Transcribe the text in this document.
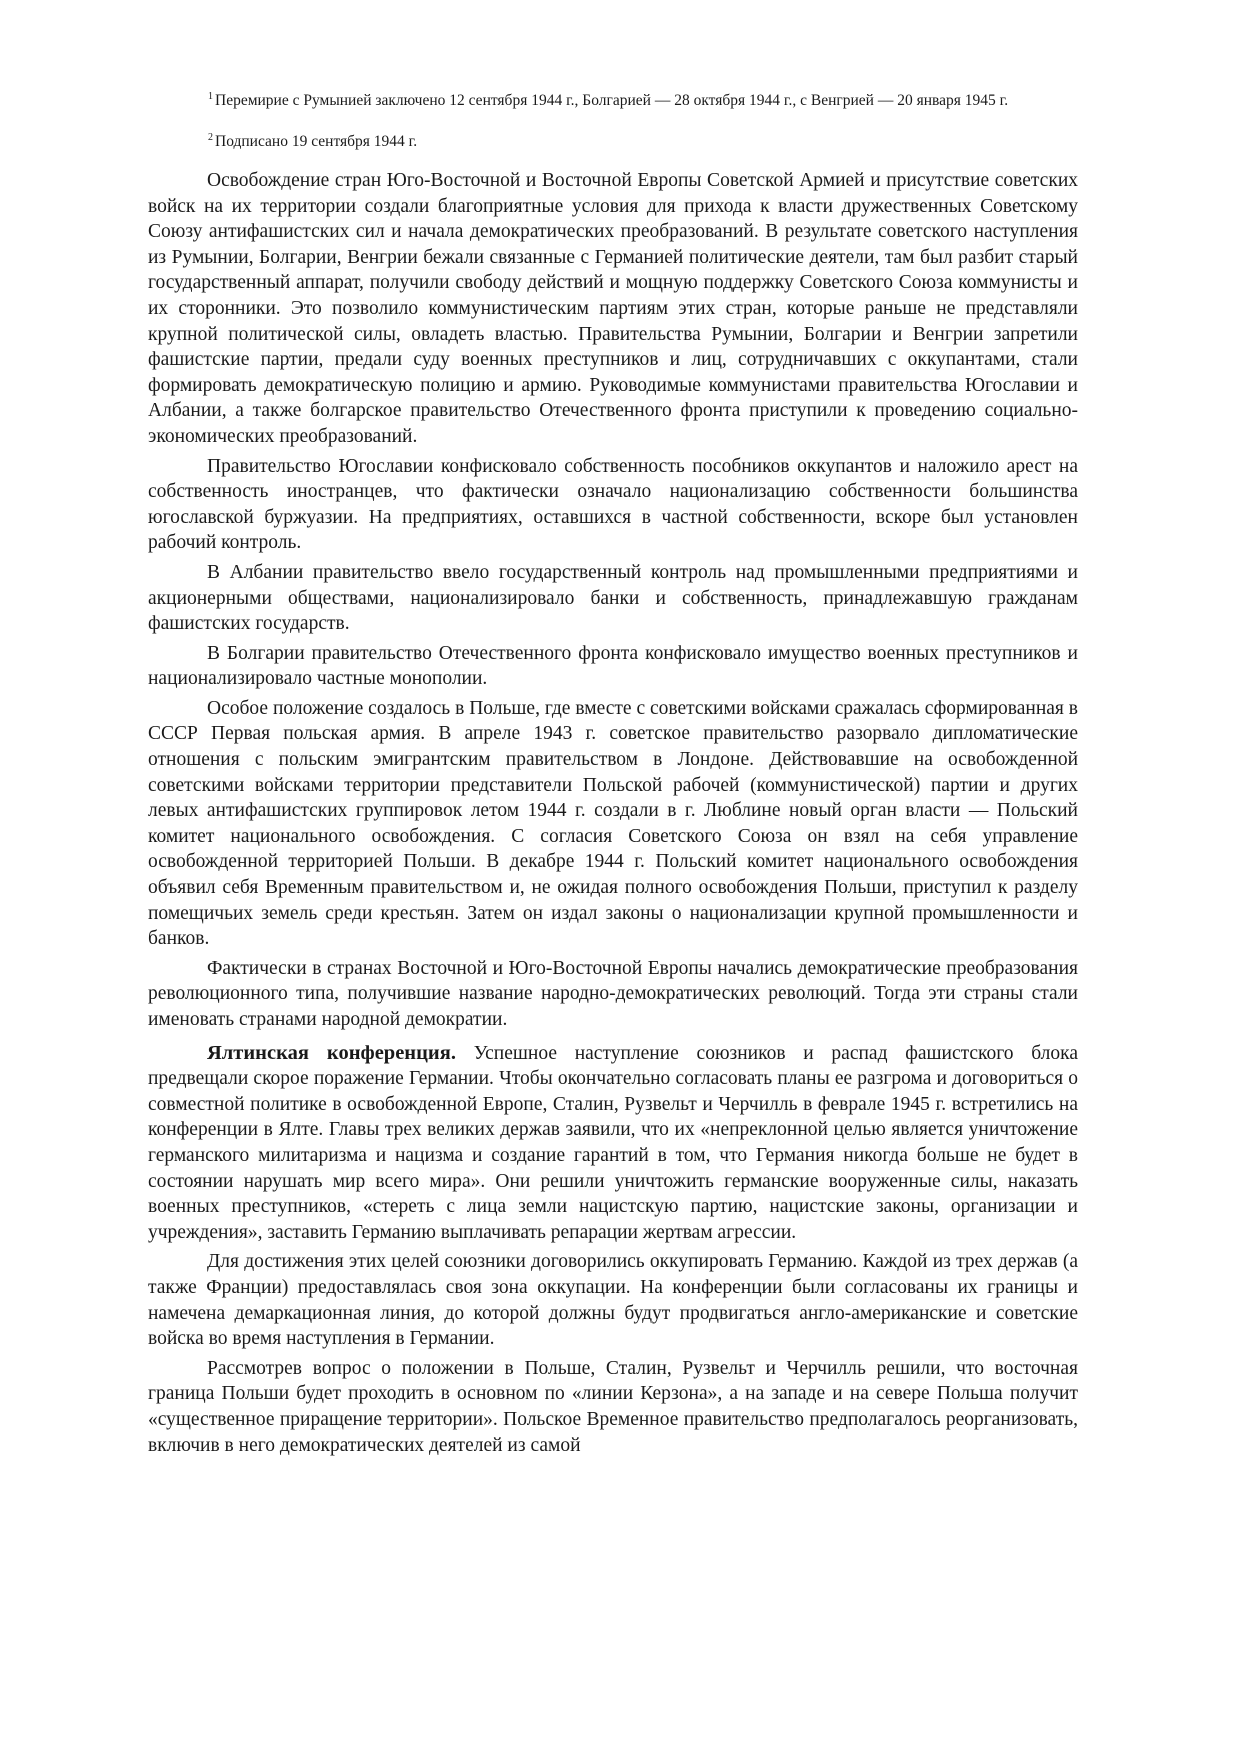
$^1$ Перемирие с Румынией заключено 12 сентября 1944 г., Болгарией — 28 октября 1944 г., с Венгрией — 20 января 1945 г.

$^2$ Подписано 19 сентября 1944 г.

Освобождение стран Юго-Восточной и Восточной Европы Советской Армией и присутствие советских войск на их территории создали благоприятные условия для прихода к власти дружественных Советскому Союзу антифашистских сил и начала демократических преобразований. В результате советского наступления из Румынии, Болгарии, Венгрии бежали связанные с Германией политические деятели, там был разбит старый государственный аппарат, получили свободу действий и мощную поддержку Советского Союза коммунисты и их сторонники. Это позволило коммунистическим партиям этих стран, которые раньше не представляли крупной политической силы, овладеть властью. Правительства Румынии, Болгарии и Венгрии запретили фашистские партии, предали суду военных преступников и лиц, сотрудничавших с оккупантами, стали формировать демократическую полицию и армию. Руководимые коммунистами правительства Югославии и Албании, а также болгарское правительство Отечественного фронта приступили к проведению социально-экономических преобразований.

Правительство Югославии конфисковало собственность пособников оккупантов и наложило арест на собственность иностранцев, что фактически означало национализацию собственности большинства югославской буржуазии. На предприятиях, оставшихся в частной собственности, вскоре был установлен рабочий контроль.

В Албании правительство ввело государственный контроль над промышленными предприятиями и акционерными обществами, национализировало банки и собственность, принадлежавшую гражданам фашистских государств.

В Болгарии правительство Отечественного фронта конфисковало имущество военных преступников и национализировало частные монополии.

Особое положение создалось в Польше, где вместе с советскими войсками сражалась сформированная в СССР Первая польская армия. В апреле 1943 г. советское правительство разорвало дипломатические отношения с польским эмигрантским правительством в Лондоне. Действовавшие на освобожденной советскими войсками территории представители Польской рабочей (коммунистической) партии и других левых антифашистских группировок летом 1944 г. создали в г. Люблине новый орган власти — Польский комитет национального освобождения. С согласия Советского Союза он взял на себя управление освобожденной территорией Польши. В декабре 1944 г. Польский комитет национального освобождения объявил себя Временным правительством и, не ожидая полного освобождения Польши, приступил к разделу помещичьих земель среди крестьян. Затем он издал законы о национализации крупной промышленности и банков.

Фактически в странах Восточной и Юго-Восточной Европы начались демократические преобразования революционного типа, получившие название народно-демократических революций. Тогда эти страны стали именовать странами народной демократии.

Ялтинская конференция. Успешное наступление союзников и распад фашистского блока предвещали скорое поражение Германии. Чтобы окончательно согласовать планы ее разгрома и договориться о совместной политике в освобожденной Европе, Сталин, Рузвельт и Черчилль в феврале 1945 г. встретились на конференции в Ялте. Главы трех великих держав заявили, что их «непреклонной целью является уничтожение германского милитаризма и нацизма и создание гарантий в том, что Германия никогда больше не будет в состоянии нарушать мир всего мира». Они решили уничтожить германские вооруженные силы, наказать военных преступников, «стереть с лица земли нацистскую партию, нацистские законы, организации и учреждения», заставить Германию выплачивать репарации жертвам агрессии.

Для достижения этих целей союзники договорились оккупировать Германию. Каждой из трех держав (а также Франции) предоставлялась своя зона оккупации. На конференции были согласованы их границы и намечена демаркационная линия, до которой должны будут продвигаться англо-американские и советские войска во время наступления в Германии.

Рассмотрев вопрос о положении в Польше, Сталин, Рузвельт и Черчилль решили, что восточная граница Польши будет проходить в основном по «линии Керзона», а на западе и на севере Польша получит «существенное приращение территории». Польское Временное правительство предполагалось реорганизовать, включив в него демократических деятелей из самой
